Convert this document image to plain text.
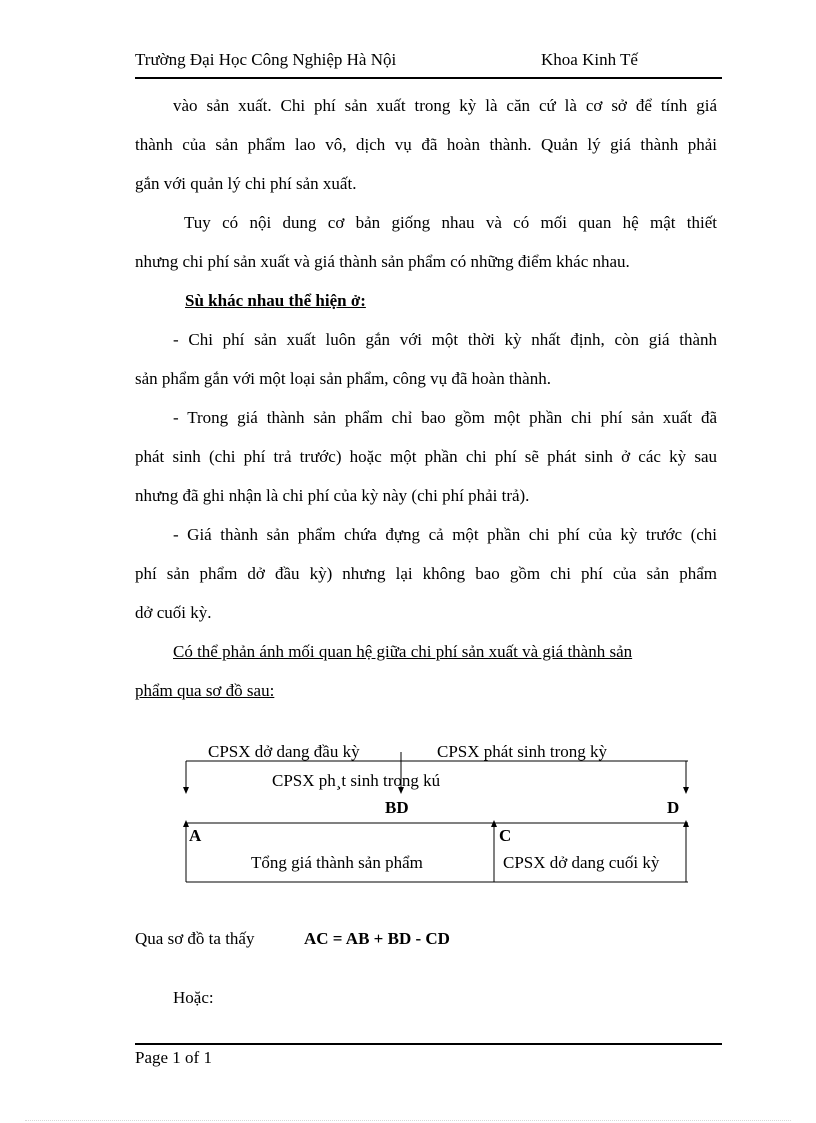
Trường Đại Học Công Nghiệp Hà Nội	Khoa Kinh Tế
vào sản xuất. Chi phí sản xuất trong kỳ là căn cứ là cơ sở để tính giá
thành của sản phẩm lao vô, dịch vụ đã hoàn thành. Quản lý giá thành phải
gắn với quản lý chi phí sản xuất.
Tuy có nội dung cơ bản giống nhau và có mối quan hệ mật thiết
nhưng chi phí sản xuất và giá thành sản phẩm có những điểm khác nhau.
Sù khác nhau thể hiện ở:
- Chi phí sản xuất luôn gắn với một thời kỳ nhất định, còn giá thành
sản phẩm gắn với một loại sản phẩm, công vụ đã hoàn thành.
- Trong giá thành sản phẩm chỉ bao gồm một phần chi phí sản xuất đã
phát sinh (chi phí trả trước) hoặc một phần chi phí sẽ phát sinh ở các kỳ sau
nhưng đã ghi nhận là chi phí của kỳ này (chi phí phải trả).
- Giá thành sản phẩm chứa đựng cả một phần chi phí của kỳ trước (chi
phí sản phẩm dở đầu kỳ) nhưng lại không bao gồm chi phí của sản phẩm
dở cuối kỳ.
Có thể phản ánh mối quan hệ giữa chi phí sản xuất và giá thành sản
phẩm qua sơ đồ sau:
CPSX dở dang đầu kỳ	CPSX phát sinh trong kỳ
CPSX ph¸t sinh trong kú
BD	D
A	C
Tổng giá thành sản phẩm	CPSX dở dang cuối kỳ
Qua sơ đồ ta thấy	AC = AB + BD - CD
Hoặc:
Page 1 of 1
